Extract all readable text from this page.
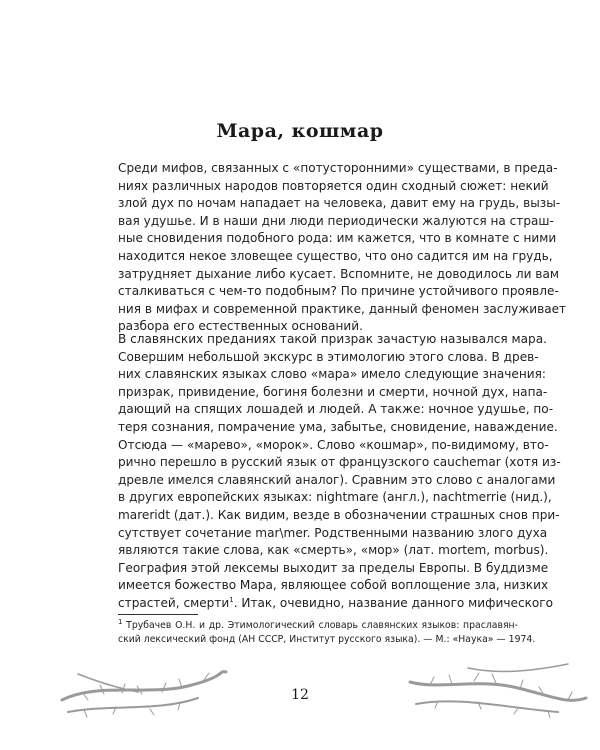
Мара, кошмар
Среди мифов, связанных с «потусторонними» существами, в преда-
ниях различных народов повторяется один сходный сюжет: некий
злой дух по ночам нападает на человека, давит ему на грудь, вызы-
вая удушье. И в наши дни люди периодически жалуются на страш-
ные сновидения подобного рода: им кажется, что в комнате с ними
находится некое зловещее существо, что оно садится им на грудь,
затрудняет дыхание либо кусает. Вспомните, не доводилось ли вам
сталкиваться с чем-то подобным? По причине устойчивого проявле-
ния в мифах и современной практике, данный феномен заслуживает
разбора его естественных оснований.
В славянских преданиях такой призрак зачастую назывался мара.
Совершим небольшой экскурс в этимологию этого слова. В древ-
них славянских языках слово «мара» имело следующие значения:
призрак, привидение, богиня болезни и смерти, ночной дух, напа-
дающий на спящих лошадей и людей. А также: ночное удушье, по-
теря сознания, помрачение ума, забытье, сновидение, наваждение.
Отсюда — «марево», «морок». Слово «кошмар», по-видимому, вто-
рично перешло в русский язык от французского cauchemar (хотя из-
древле имелся славянский аналог). Сравним это слово с аналогами
в других европейских языках: nightmare (англ.), nachtmerrie (нид.),
mareridt (дат.). Как видим, везде в обозначении страшных снов при-
сутствует сочетание mar\mer. Родственными названию злого духа
являются такие слова, как «смерть», «мор» (лат. mortem, morbus).
География этой лексемы выходит за пределы Европы. В буддизме
имеется божество Мара, являющее собой воплощение зла, низких
страстей, смерти$^1$. Итак, очевидно, название данного мифического
$^1$ Трубачев О.Н. и др. Этимологический словарь славянских языков: праславян-
ский лексический фонд (АН СССР, Институт русского языка). — М.: «Наука» — 1974.
12
